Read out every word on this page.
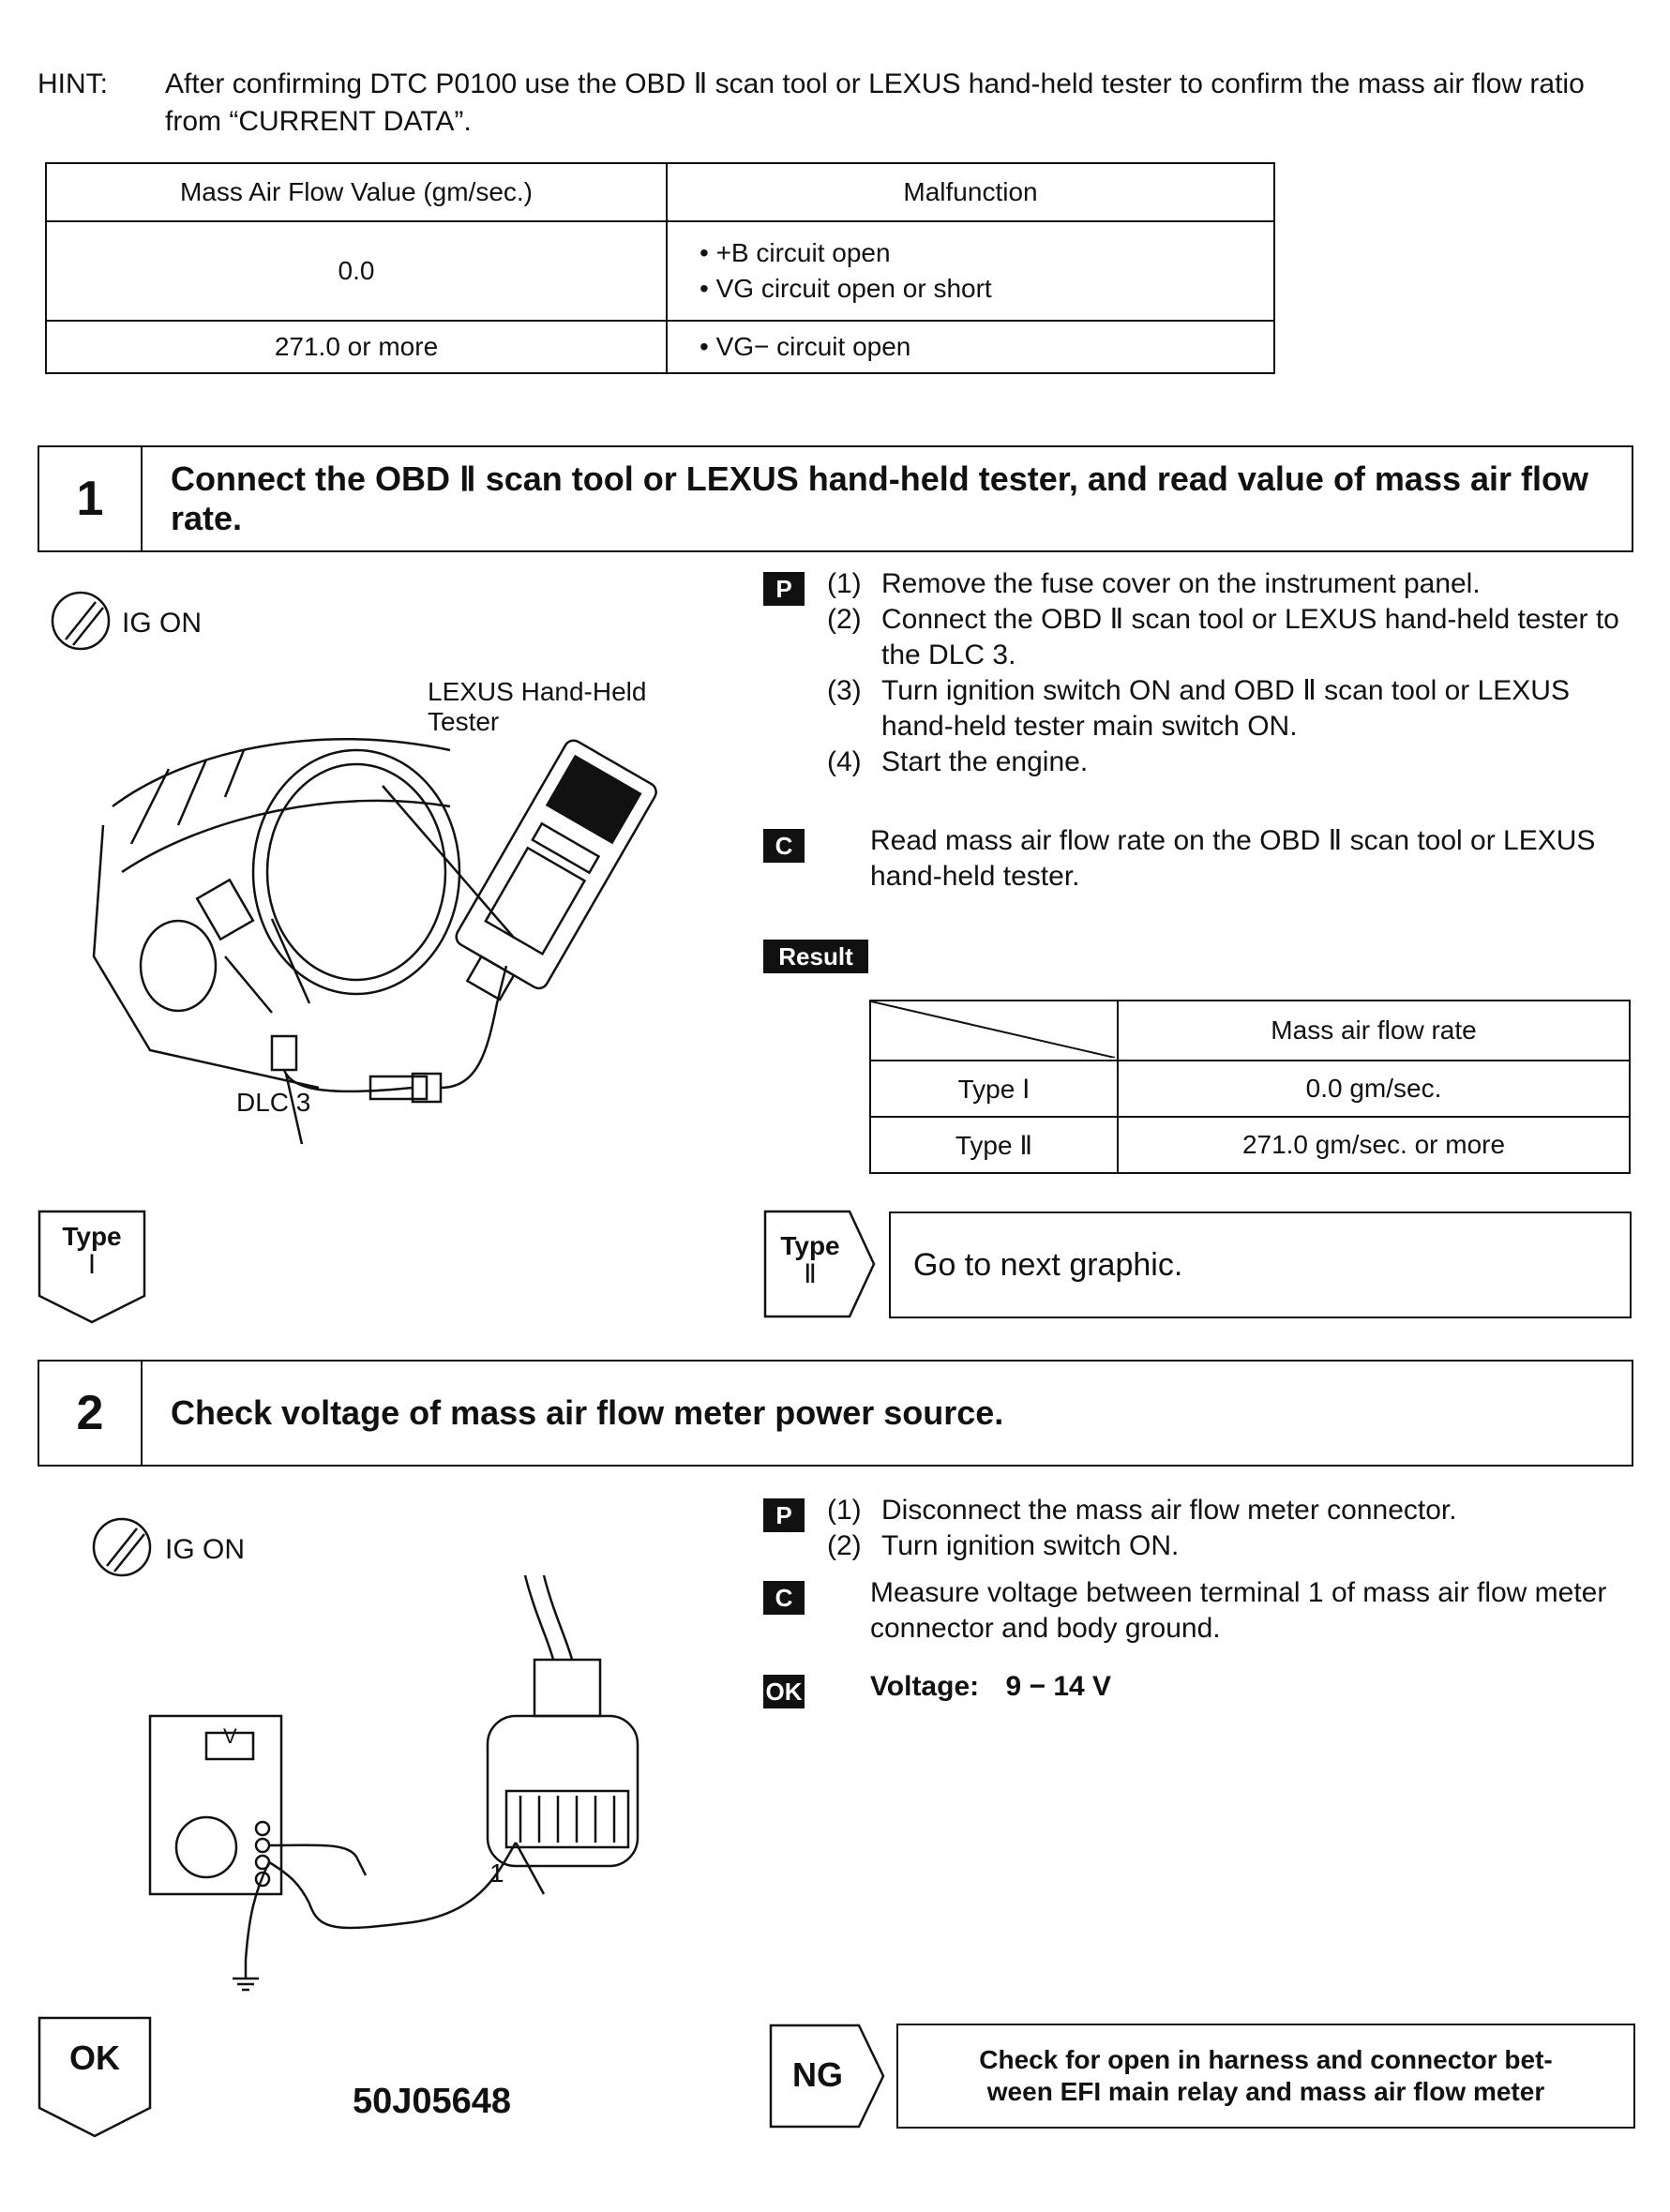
HINT: After confirming DTC P0100 use the OBD Ⅱ scan tool or LEXUS hand-held tester to confirm the mass air flow ratio from “CURRENT DATA”.
Mass Air Flow Value (gm/sec.)	Malfunction
0.0	• +B circuit open
• VG circuit open or short

271.0 or more	• VG− circuit open
1	Connect the OBD Ⅱ scan tool or LEXUS hand-held tester, and read value of mass air flow rate.
IG ON
LEXUS Hand-Held
Tester
DLC 3
P	(1) Remove the fuse cover on the instrument panel.
(2) Connect the OBD Ⅱ scan tool or LEXUS hand-held tester to the DLC 3.
(3) Turn ignition switch ON and OBD Ⅱ scan tool or LEXUS hand-held tester main switch ON.
(4) Start the engine.
C	Read mass air flow rate on the OBD Ⅱ scan tool or LEXUS hand-held tester.
Result
	Mass air flow rate
Type Ⅰ	0.0 gm/sec.
Type Ⅱ	271.0 gm/sec. or more
Type
Ⅰ
Type
Ⅱ	Go to next graphic.
2	Check voltage of mass air flow meter power source.
IG ON
V
1
P	(1) Disconnect the mass air flow meter connector.
(2) Turn ignition switch ON.
C	Measure voltage between terminal 1 of mass air flow meter connector and body ground.
OK Voltage: 9 − 14 V
OK
50J05648
NG	Check for open in harness and connector bet-
ween EFI main relay and mass air flow meter
